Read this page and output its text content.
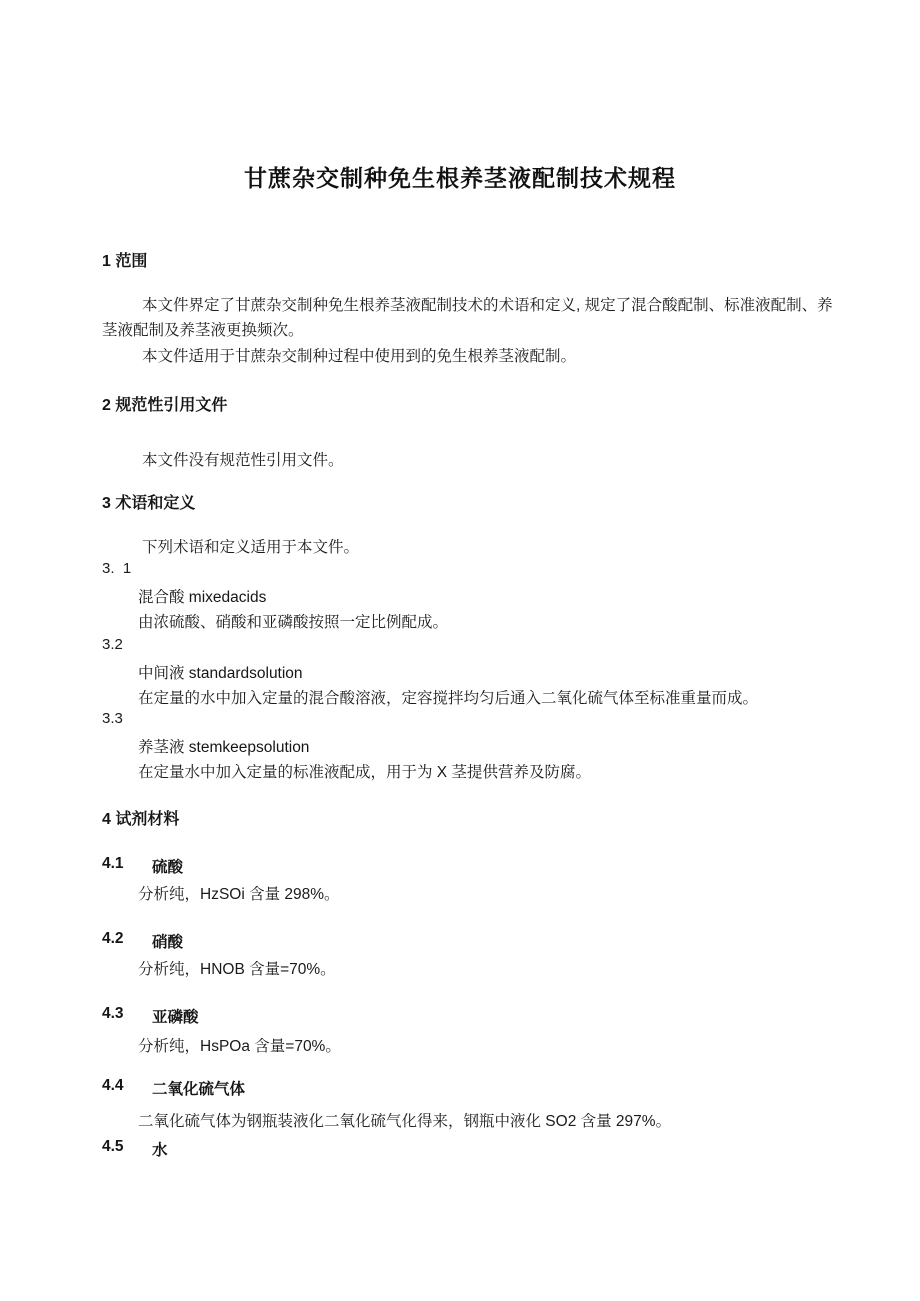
甘蔗杂交制种免生根养茎液配制技术规程
1 范围
本文件界定了甘蔗杂交制种免生根养茎液配制技术的术语和定义, 规定了混合酸配制、标准液配制、养茎液配制及养茎液更换频次。
本文件适用于甘蔗杂交制种过程中使用到的免生根养茎液配制。
2 规范性引用文件
本文件没有规范性引用文件。
3 术语和定义
下列术语和定义适用于本文件。
3.  1
混合酸 mixedacids
由浓硫酸、硝酸和亚磷酸按照一定比例配成。
3.2
中间液 standardsolution
在定量的水中加入定量的混合酸溶液，定容搅拌均匀后通入二氧化硫气体至标准重量而成。
3.3
养茎液 stemkeepsolution
在定量水中加入定量的标准液配成，用于为 X 茎提供营养及防腐。
4 试剂材料
4.1	硫酸
分析纯，HzSOi 含量 298%。
4.2	硝酸
分析纯，HNOB 含量=70%。
4.3	亚磷酸
分析纯，HsPOa 含量=70%。
4.4	二氧化硫气体
二氧化硫气体为钢瓶装液化二氧化硫气化得来，钢瓶中液化 SO2 含量 297%。
4.5	水
